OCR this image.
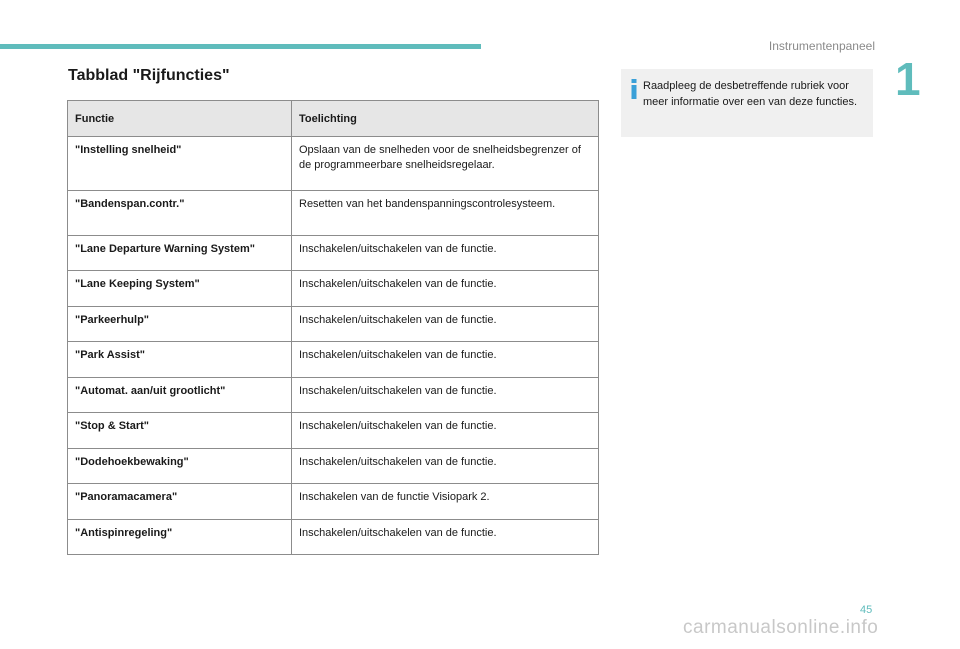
Instrumentenpaneel
1
Tabblad "Rijfuncties"
Functie	Toelichting
"Instelling snelheid"	Opslaan van de snelheden voor de snelheidsbegrenzer of de programmeerbare snelheidsregelaar.
"Bandenspan.contr."	Resetten van het bandenspanningscontrolesysteem.
"Lane Departure Warning System"	Inschakelen/uitschakelen van de functie.
"Lane Keeping System"	Inschakelen/uitschakelen van de functie.
"Parkeerhulp"	Inschakelen/uitschakelen van de functie.
"Park Assist"	Inschakelen/uitschakelen van de functie.
"Automat. aan/uit grootlicht"	Inschakelen/uitschakelen van de functie.
"Stop & Start"	Inschakelen/uitschakelen van de functie.
"Dodehoekbewaking"	Inschakelen/uitschakelen van de functie.
"Panoramacamera"	Inschakelen van de functie Visiopark 2.
"Antispinregeling"	Inschakelen/uitschakelen van de functie.
Raadpleeg de desbetreffende rubriek voor meer informatie over een van deze functies.
45
carmanualsonline.info
